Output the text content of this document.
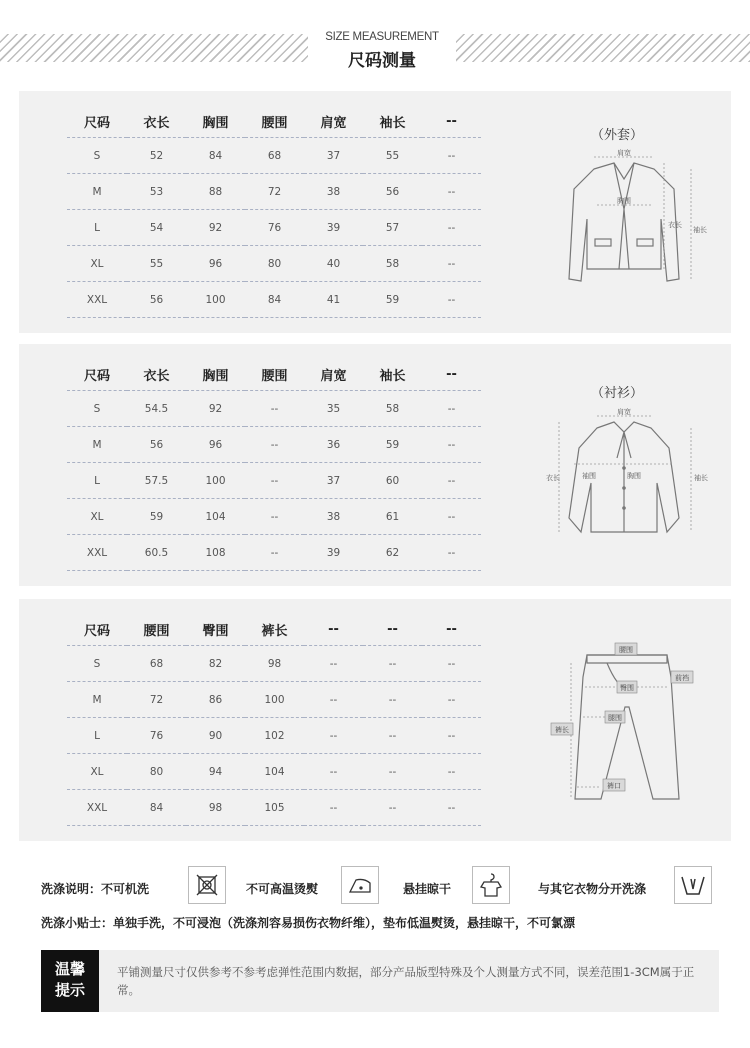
SIZE MEASUREMENT
尺码测量
尺码	衣长	胸围	腰围	肩宽	袖长	--
S	52	84	68	37	55	--
M	53	88	72	38	56	--
L	54	92	76	39	57	--
XL	55	96	80	40	58	--
XXL	56	100	84	41	59	--
（外套）
肩宽
胸围
衣长
袖长
尺码	衣长	胸围	腰围	肩宽	袖长	--
S	54.5	92	--	35	58	--
M	56	96	--	36	59	--
L	57.5	100	--	37	60	--
XL	59	104	--	38	61	--
XXL	60.5	108	--	39	62	--
（衬衫）
肩宽
衣长	袖围	胸围	袖长
尺码	腰围	臀围	裤长	--	--	--
S	68	82	98	--	--	--
M	72	86	100	--	--	--
L	76	90	102	--	--	--
XL	80	94	104	--	--	--
XXL	84	98	105	--	--	--
腰围
臀围
裤长
腿围
裤口
前裆
洗涤说明：不可机洗	不可高温烫熨	悬挂晾干	与其它衣物分开洗涤
洗涤小贴士：单独手洗，不可浸泡（洗涤剂容易损伤衣物纤维），垫布低温熨烫，悬挂晾干，不可氯漂
温馨
提示
平铺测量尺寸仅供参考不参考虑弹性范围内数据，部分产品版型特殊及个人测量方式不同，误差范围1-3CM属于正常。
